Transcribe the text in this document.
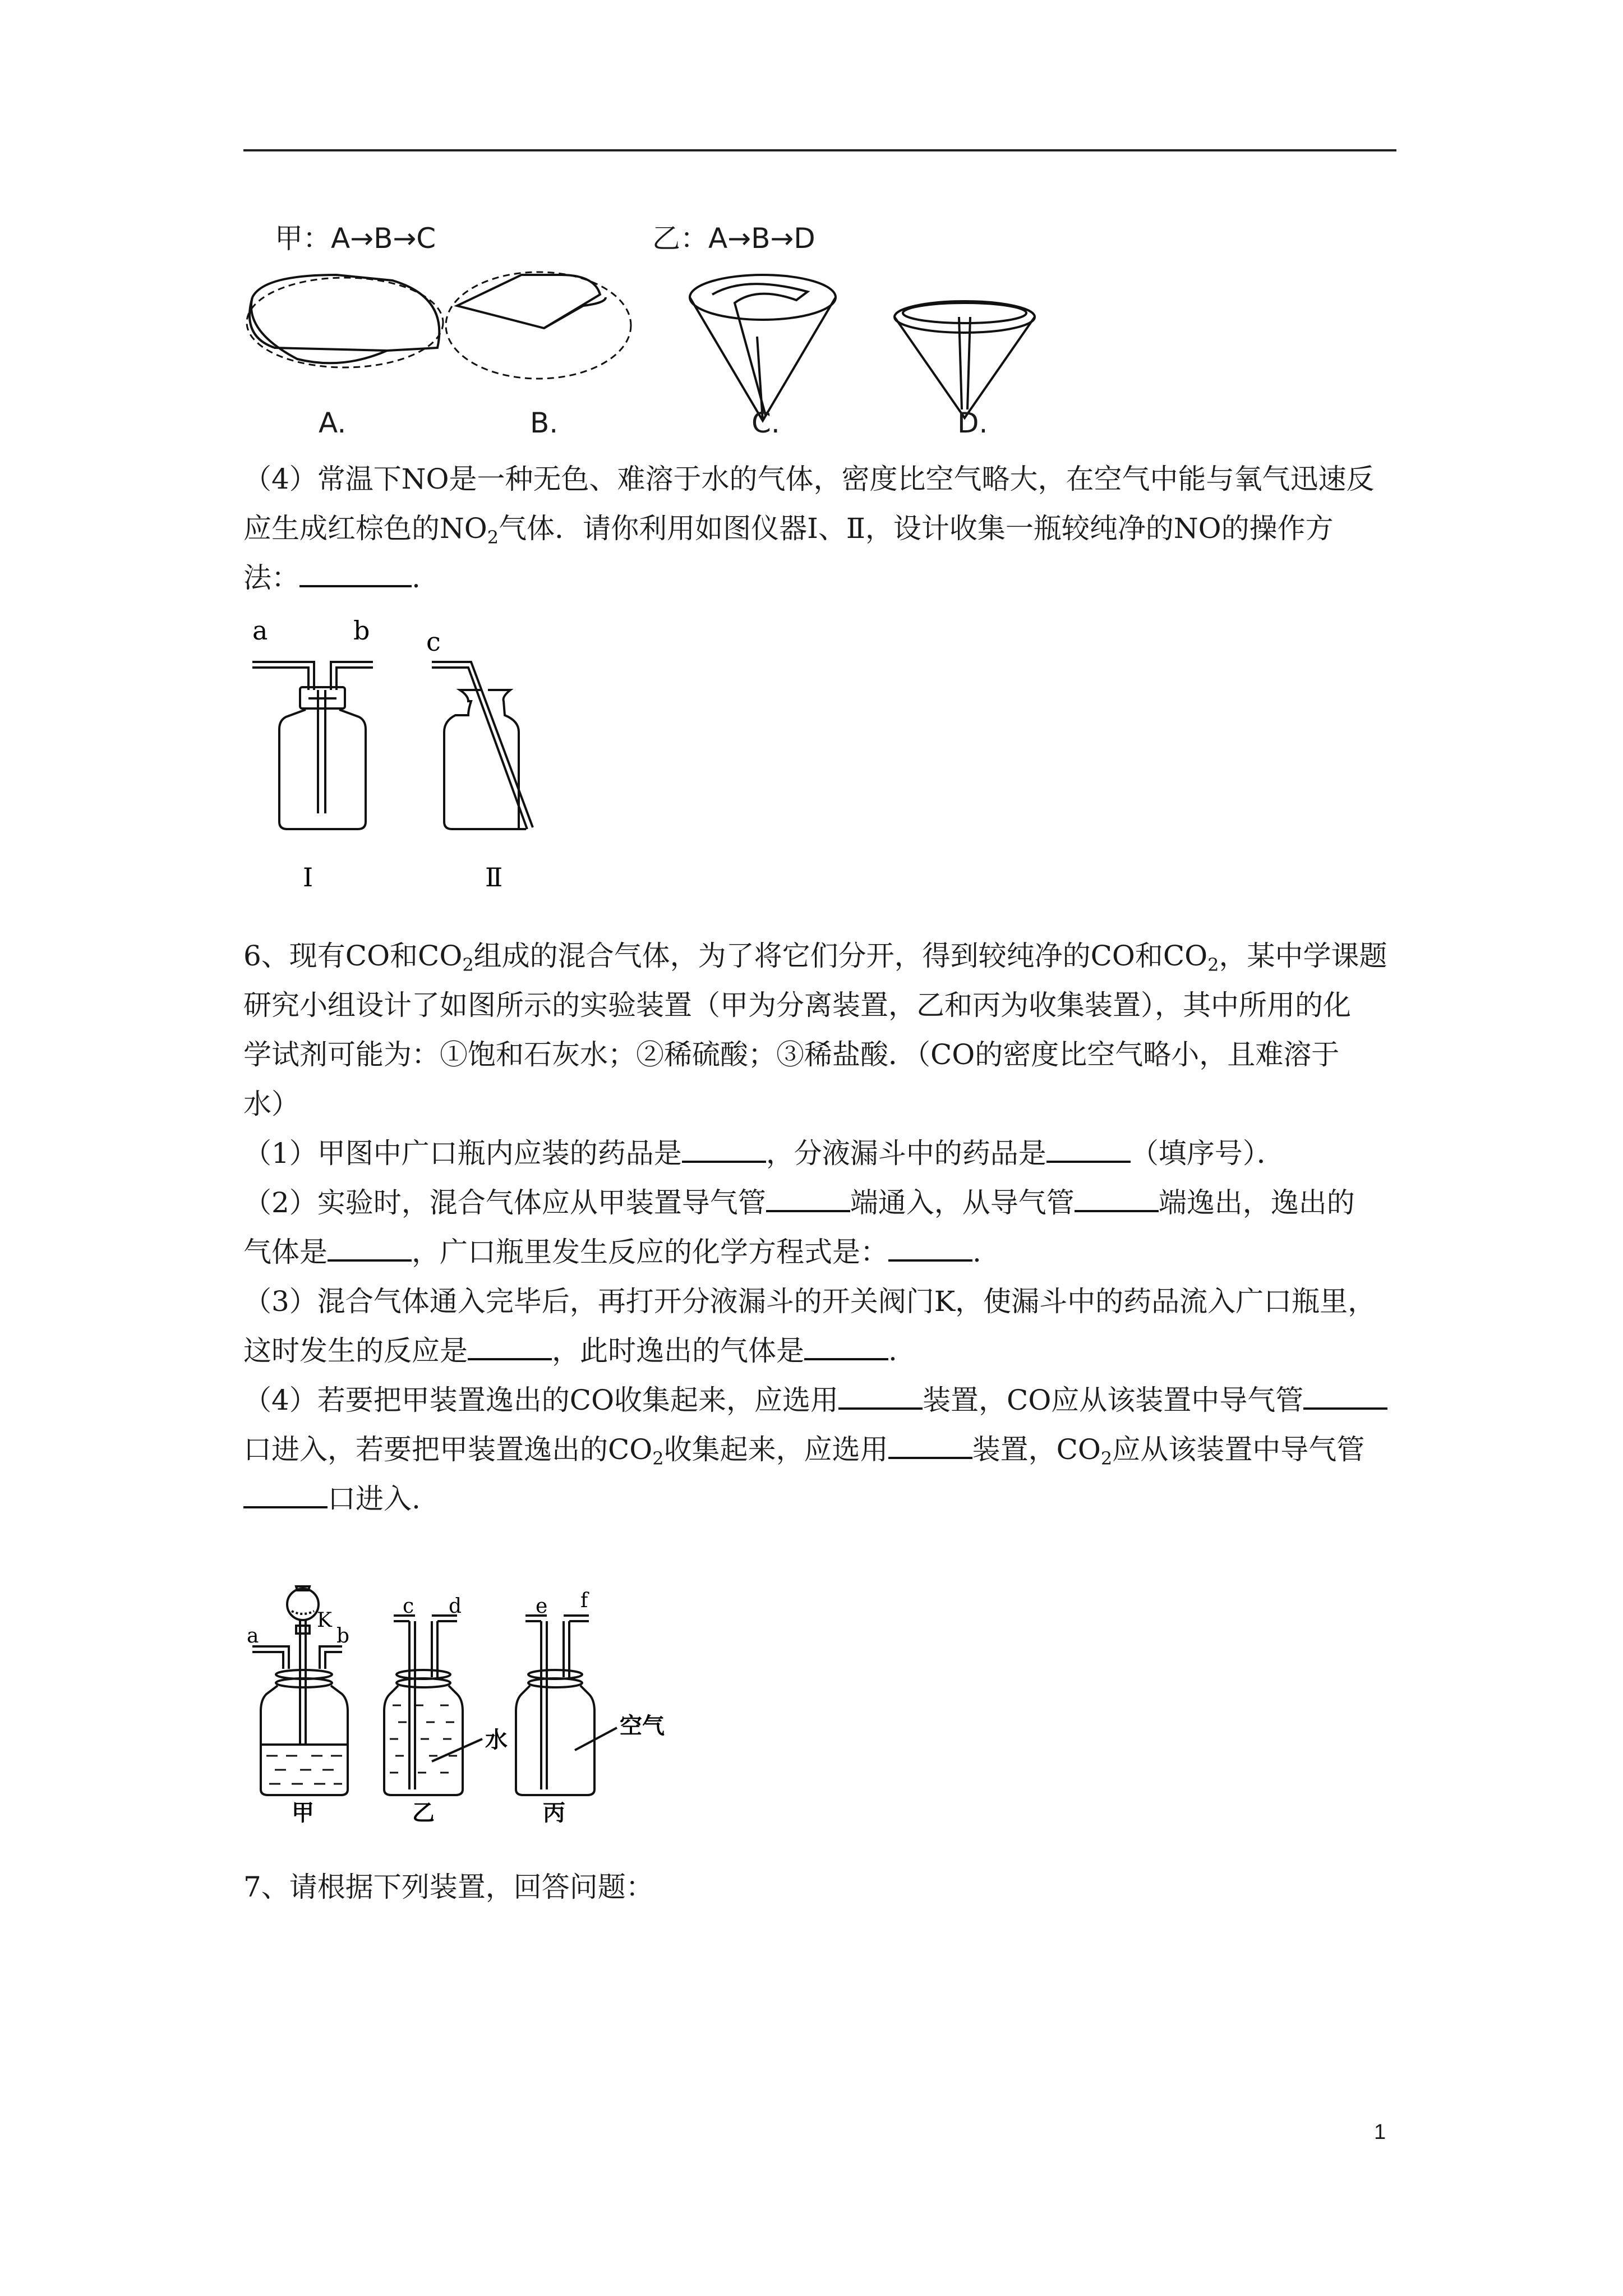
甲：A→B→C	乙：A→B→D
A.	B.	C.	D.
（4）常温下NO是一种无色、难溶于水的气体，密度比空气略大，在空气中能与氧气迅速反
应生成红棕色的$NO_2$气体．请你利用如图仪器Ⅰ、Ⅱ，设计收集一瓶较纯净的NO的操作方
法：	.
a	b c
Ⅰ	Ⅱ
6、现有CO和$CO_2$组成的混合气体，为了将它们分开，得到较纯净的CO和$CO_2$，某中学课题
研究小组设计了如图所示的实验装置（甲为分离装置，乙和丙为收集装置），其中所用的化
学试剂可能为：①饱和石灰水；②稀硫酸；③稀盐酸．（CO的密度比空气略小，且难溶于
水）
（1）甲图中广口瓶内应装的药品是	，分液漏斗中的药品是	（填序号）．
（2）实验时，混合气体应从甲装置导气管	端通入，从导气管	端逸出，逸出的
气体是	，广口瓶里发生反应的化学方程式是：	.
（3）混合气体通入完毕后，再打开分液漏斗的开关阀门K，使漏斗中的药品流入广口瓶里，
这时发生的反应是	，此时逸出的气体是	.
（4）若要把甲装置逸出的CO收集起来，应选用	装置，CO应从该装置中导气管
口进入，若要把甲装置逸出的$CO_2$收集起来，应选用	装置，$CO_2$应从该装置中导气管
口进入.
a
K
b
甲
c d
水
乙
e f
空气
丙
7、请根据下列装置，回答问题：
1
